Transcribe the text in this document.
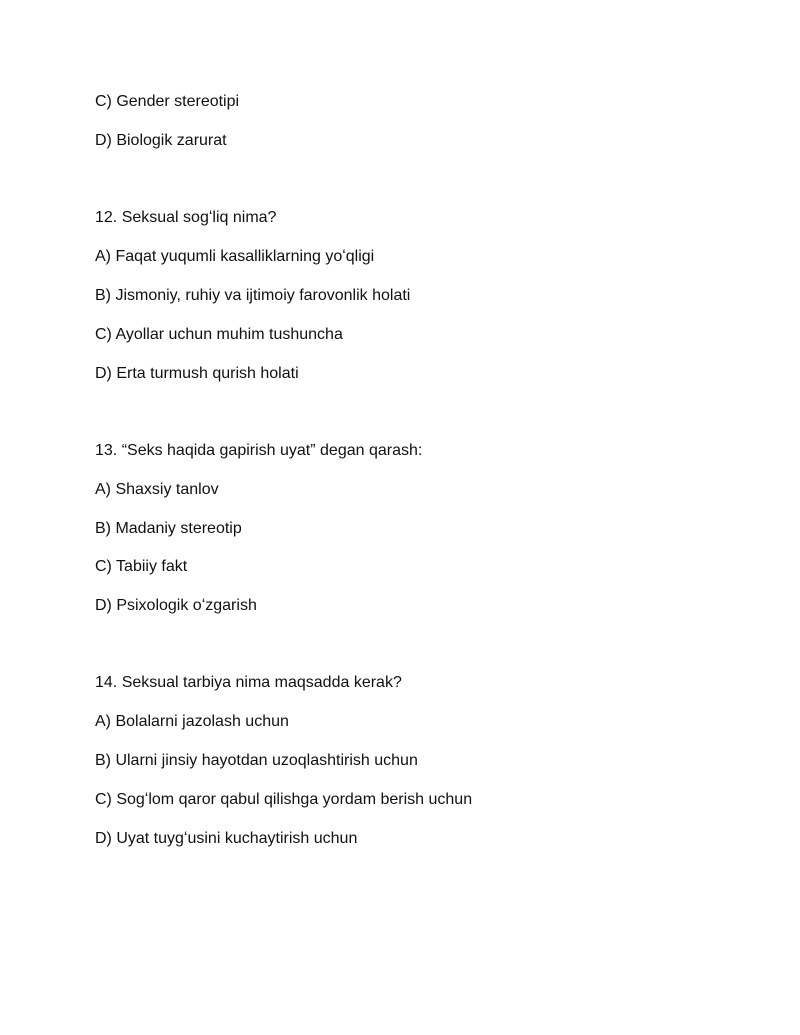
C) Gender stereotipi
D) Biologik zarurat
12. Seksual sogʻliq nima?
A) Faqat yuqumli kasalliklarning yoʻqligi
B) Jismoniy, ruhiy va ijtimoiy farovonlik holati
C) Ayollar uchun muhim tushuncha
D) Erta turmush qurish holati
13. “Seks haqida gapirish uyat” degan qarash:
A) Shaxsiy tanlov
B) Madaniy stereotip
C) Tabiiy fakt
D) Psixologik oʻzgarish
14. Seksual tarbiya nima maqsadda kerak?
A) Bolalarni jazolash uchun
B) Ularni jinsiy hayotdan uzoqlashtirish uchun
C) Sogʻlom qaror qabul qilishga yordam berish uchun
D) Uyat tuygʻusini kuchaytirish uchun
